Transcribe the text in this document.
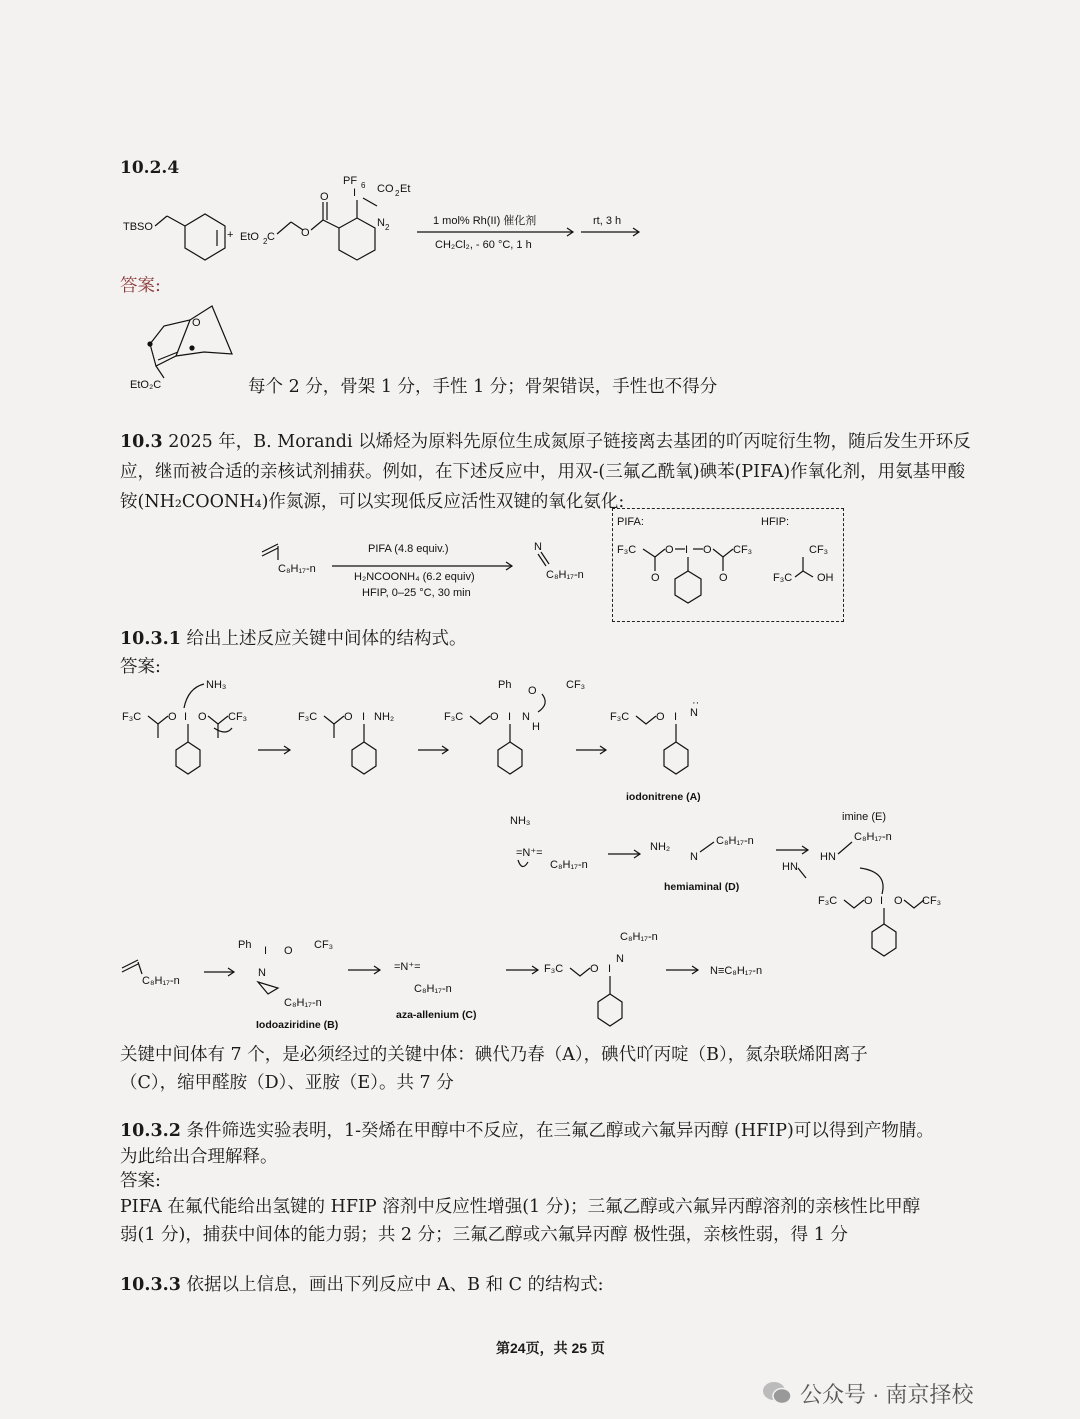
10.2.4
TBSO
+ EtO 2 C O
O I
PF 6 CO 2 Et
N 2
1 mol% Rh(II) 催化剂
CH₂Cl₂, - 60 °C, 1 h
rt, 3 h
答案:
O
EtO₂C	每个 2 分，骨架 1 分，手性 1 分；骨架错误，手性也不得分
10.3 2025 年，B. Morandi 以烯烃为原料先原位生成氮原子链接离去基团的吖丙啶衍生物，随后发生开环反应，继而被合适的亲核试剂捕获。例如，在下述反应中，用双-(三氟乙酰氧)碘苯(PIFA)作氧化剂，用氨基甲酸铵(NH₂COONH₄)作氮源，可以实现低反应活性双键的氧化氨化:
C₈H₁₇-n
PIFA (4.8 equiv.)
H₂NCOONH₄ (6.2 equiv)
HFIP, 0–25 °C, 30 min
N
C₈H₁₇-n
PIFA:	HFIP:
F₃C	O
O
I O CF₃
O
CF₃
F₃C OH
10.3.1 给出上述反应关键中间体的结构式。
答案:
NH₃
F₃C O I O CF₃	F₃C O I NH₂
Ph O	CF₃
F₃C O I N
H
F₃C O I N
··
iodonitrene (A)
NH₃
=N⁺=
C₈H₁₇-n
NH₂
N
C₈H₁₇-n
hemiaminal (D)
HN
imine (E)
HN
C₈H₁₇-n
F₃C O I O CF₃
C₈H₁₇-n
Ph I O CF₃
N
C₈H₁₇-n
Iodoaziridine (B)
=N⁺=
C₈H₁₇-n
aza-allenium (C)
C₈H₁₇-n
N
F₃C O I	N≡C₈H₁₇-n
关键中间体有 7 个，是必须经过的关键中体：碘代乃春（A），碘代吖丙啶（B），氮杂联烯阳离子
（C），缩甲醛胺（D）、亚胺（E）。共 7 分
10.3.2 条件筛选实验表明，1-癸烯在甲醇中不反应，在三氟乙醇或六氟异丙醇 (HFIP)可以得到产物腈。
为此给出合理解释。
答案:
PIFA 在氟代能给出氢键的 HFIP 溶剂中反应性增强(1 分)；三氟乙醇或六氟异丙醇溶剂的亲核性比甲醇
弱(1 分)，捕获中间体的能力弱；共 2 分；三氟乙醇或六氟异丙醇 极性强，亲核性弱，得 1 分
10.3.3 依据以上信息，画出下列反应中 A、B 和 C 的结构式:
第24页，共 25 页
公众号 · 南京择校
